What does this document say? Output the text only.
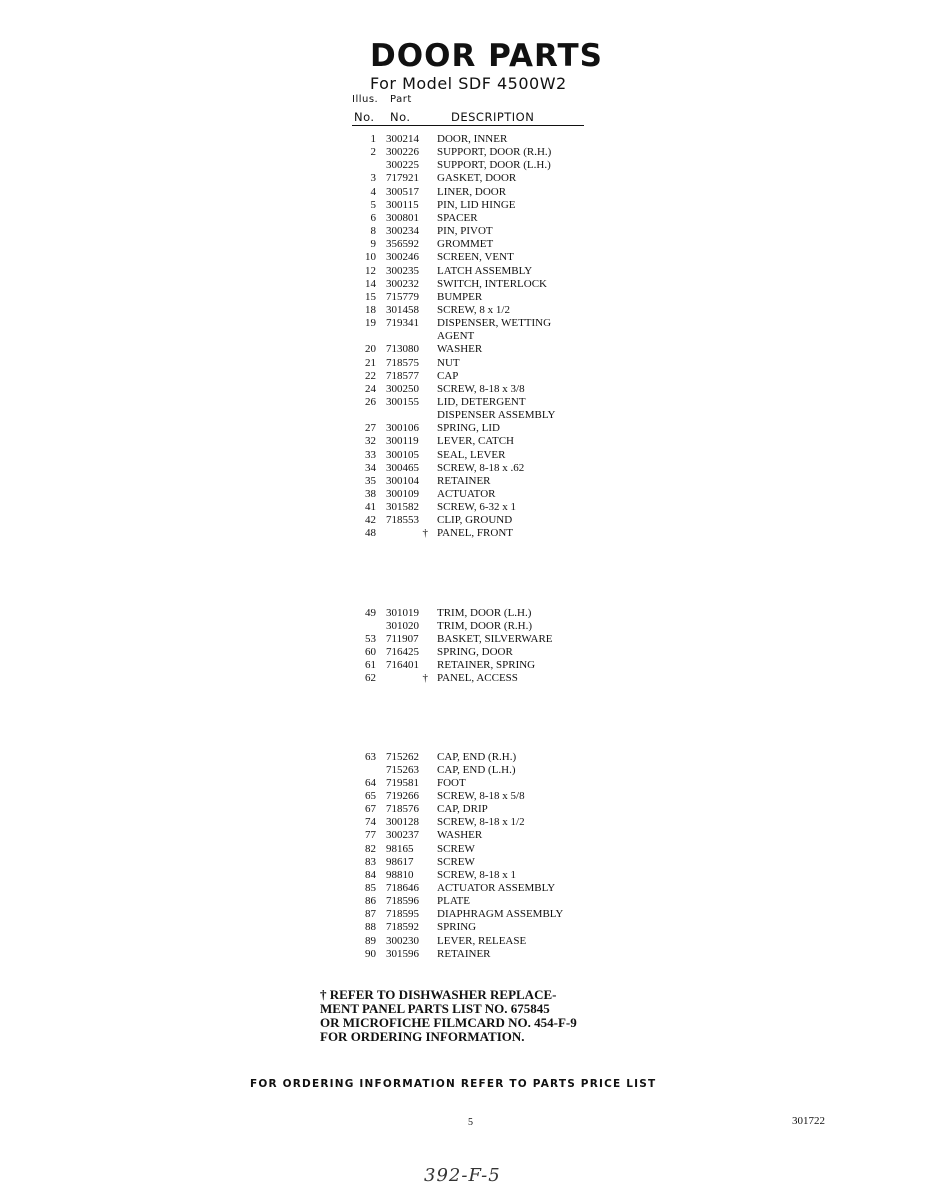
DOOR PARTS
For Model SDF 4500W2
Illus. Part
No. No.	DESCRIPTION
1 300214	DOOR, INNER
2 300226	SUPPORT, DOOR (R.H.)
300225	SUPPORT, DOOR (L.H.)
3 717921	GASKET, DOOR
4 300517	LINER, DOOR
5 300115	PIN, LID HINGE
6 300801	SPACER
8 300234	PIN, PIVOT
9 356592	GROMMET
10 300246	SCREEN, VENT
12 300235	LATCH ASSEMBLY
14 300232	SWITCH, INTERLOCK
15 715779	BUMPER
18 301458	SCREW, 8 x 1/2
19 719341	DISPENSER, WETTING
AGENT
20 713080	WASHER
21 718575	NUT
22 718577	CAP
24 300250	SCREW, 8-18 x 3/8
26 300155	LID, DETERGENT
DISPENSER ASSEMBLY
27 300106	SPRING, LID
32 300119	LEVER, CATCH
33 300105	SEAL, LEVER
34 300465	SCREW, 8-18 x .62
35 300104	RETAINER
38 300109	ACTUATOR
41 301582	SCREW, 6-32 x 1
42 718553	CLIP, GROUND
48	† PANEL, FRONT
49 301019	TRIM, DOOR (L.H.)
301020	TRIM, DOOR (R.H.)
53 711907	BASKET, SILVERWARE
60 716425	SPRING, DOOR
61 716401	RETAINER, SPRING
62	† PANEL, ACCESS
63 715262	CAP, END (R.H.)
715263	CAP, END (L.H.)
64 719581	FOOT
65 719266	SCREW, 8-18 x 5/8
67 718576	CAP, DRIP
74 300128	SCREW, 8-18 x 1/2
77 300237	WASHER
82 98165	SCREW
83 98617	SCREW
84 98810	SCREW, 8-18 x 1
85 718646	ACTUATOR ASSEMBLY
86 718596	PLATE
87 718595	DIAPHRAGM ASSEMBLY
88 718592	SPRING
89 300230	LEVER, RELEASE
90 301596	RETAINER
† REFER TO DISHWASHER REPLACE-
MENT PANEL PARTS LIST NO. 675845
OR MICROFICHE FILMCARD NO. 454-F-9
FOR ORDERING INFORMATION.
FOR ORDERING INFORMATION REFER TO PARTS PRICE LIST
5	301722
392-F-5
